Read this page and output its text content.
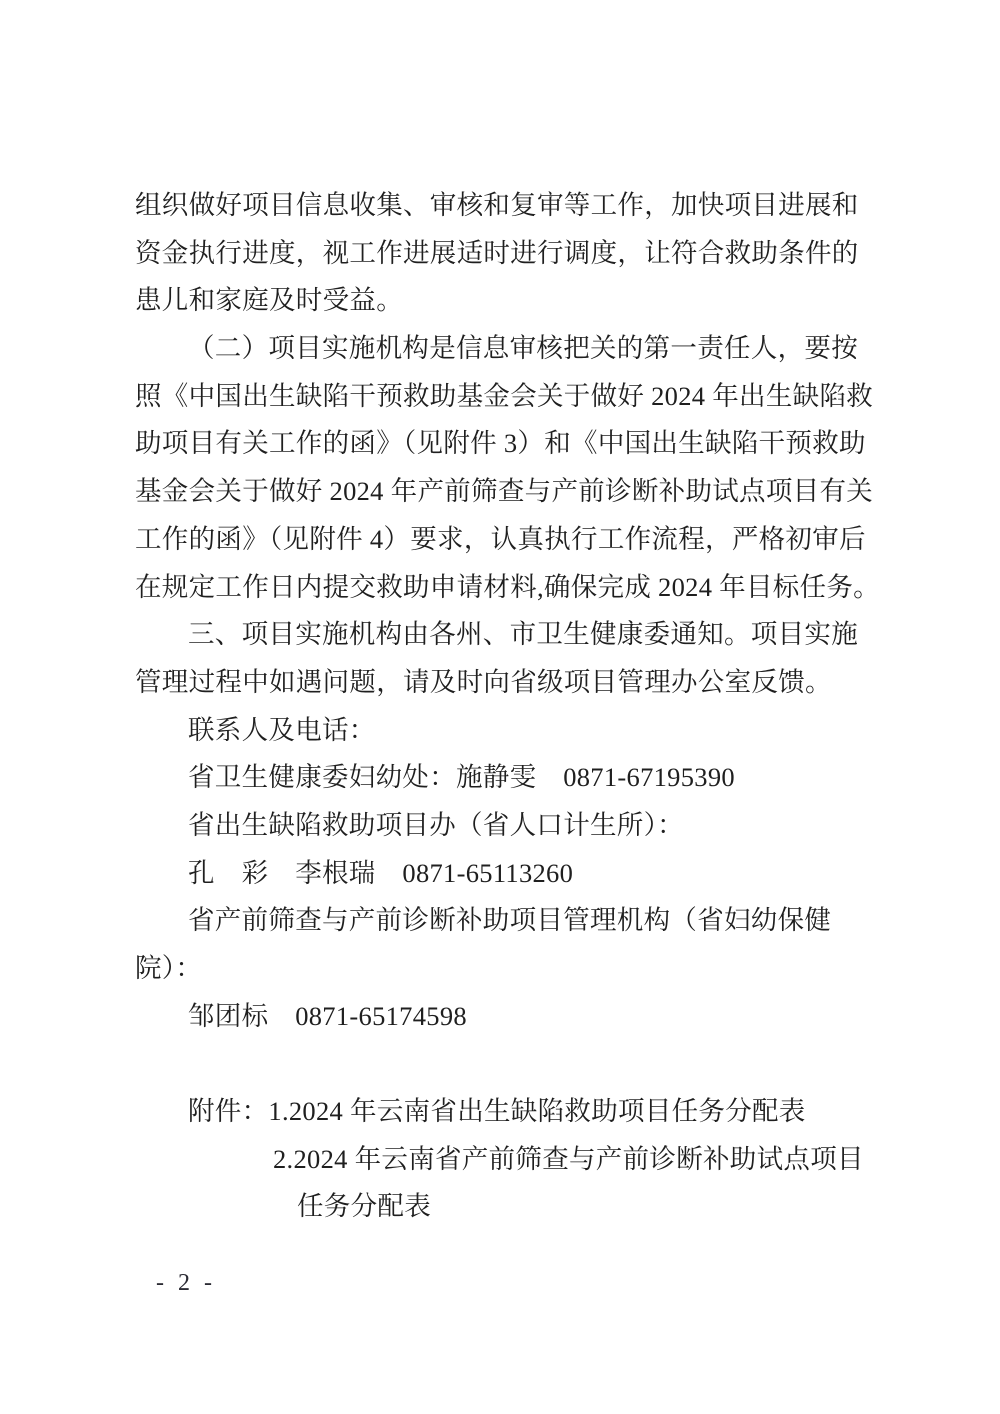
组织做好项目信息收集、审核和复审等工作，加快项目进展和
资金执行进度，视工作进展适时进行调度，让符合救助条件的
患儿和家庭及时受益。
（二）项目实施机构是信息审核把关的第一责任人，要按
照《中国出生缺陷干预救助基金会关于做好 2024 年出生缺陷救
助项目有关工作的函》（见附件 3）和《中国出生缺陷干预救助
基金会关于做好 2024 年产前筛查与产前诊断补助试点项目有关
工作的函》（见附件 4）要求，认真执行工作流程，严格初审后
在规定工作日内提交救助申请材料,确保完成 2024 年目标任务。
三、项目实施机构由各州、市卫生健康委通知。项目实施
管理过程中如遇问题，请及时向省级项目管理办公室反馈。
联系人及电话：
省卫生健康委妇幼处：施静雯　0871-67195390
省出生缺陷救助项目办（省人口计生所）：
孔　彩　李根瑞　0871-65113260
省产前筛查与产前诊断补助项目管理机构（省妇幼保健
院）：
邹团标　0871-65174598
附件：1.2024 年云南省出生缺陷救助项目任务分配表
2.2024 年云南省产前筛查与产前诊断补助试点项目
任务分配表
- 2 -
